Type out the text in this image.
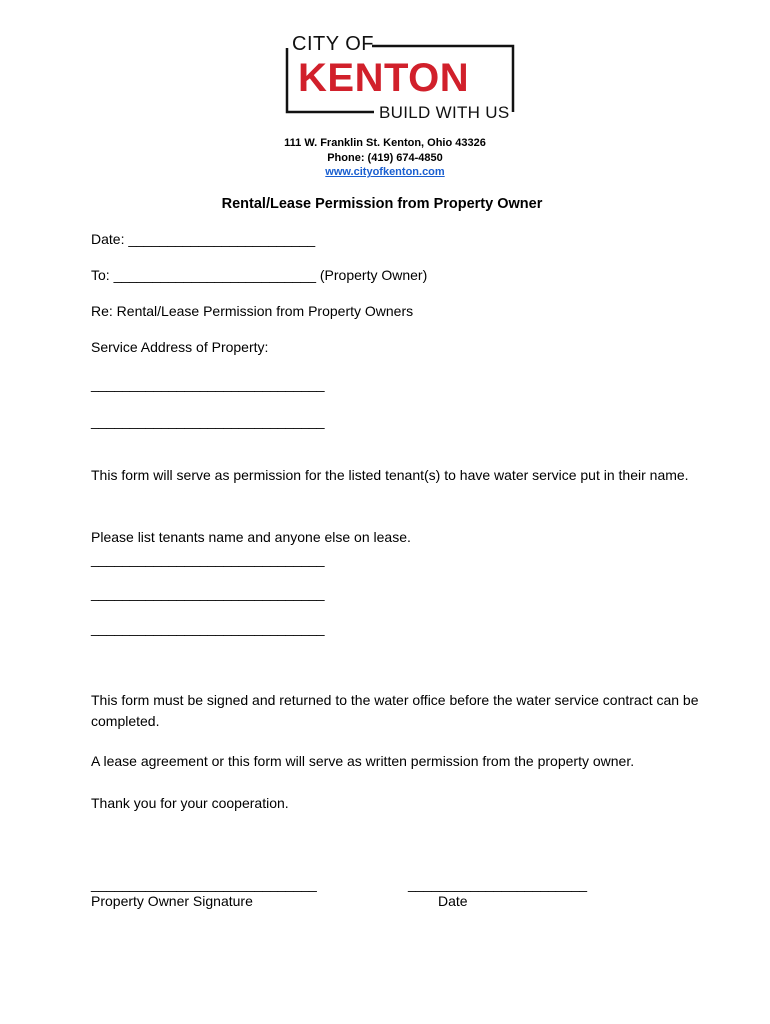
CITY OF
KENTON
BUILD WITH US
111 W. Franklin St. Kenton, Ohio 43326
Phone: (419) 674-4850
www.cityofkenton.com
Rental/Lease Permission from Property Owner
Date: ________________________
To: __________________________ (Property Owner)
Re: Rental/Lease Permission from Property Owners
Service Address of Property:
______________________________
______________________________
This form will serve as permission for the listed tenant(s) to have water service put in their name.
Please list tenants name and anyone else on lease.
______________________________
______________________________
______________________________
This form must be signed and returned to the water office before the water service contract can be completed.
A lease agreement or this form will serve as written permission from the property owner.
Thank you for your cooperation.
_____________________________	_______________________
Property Owner Signature	Date
